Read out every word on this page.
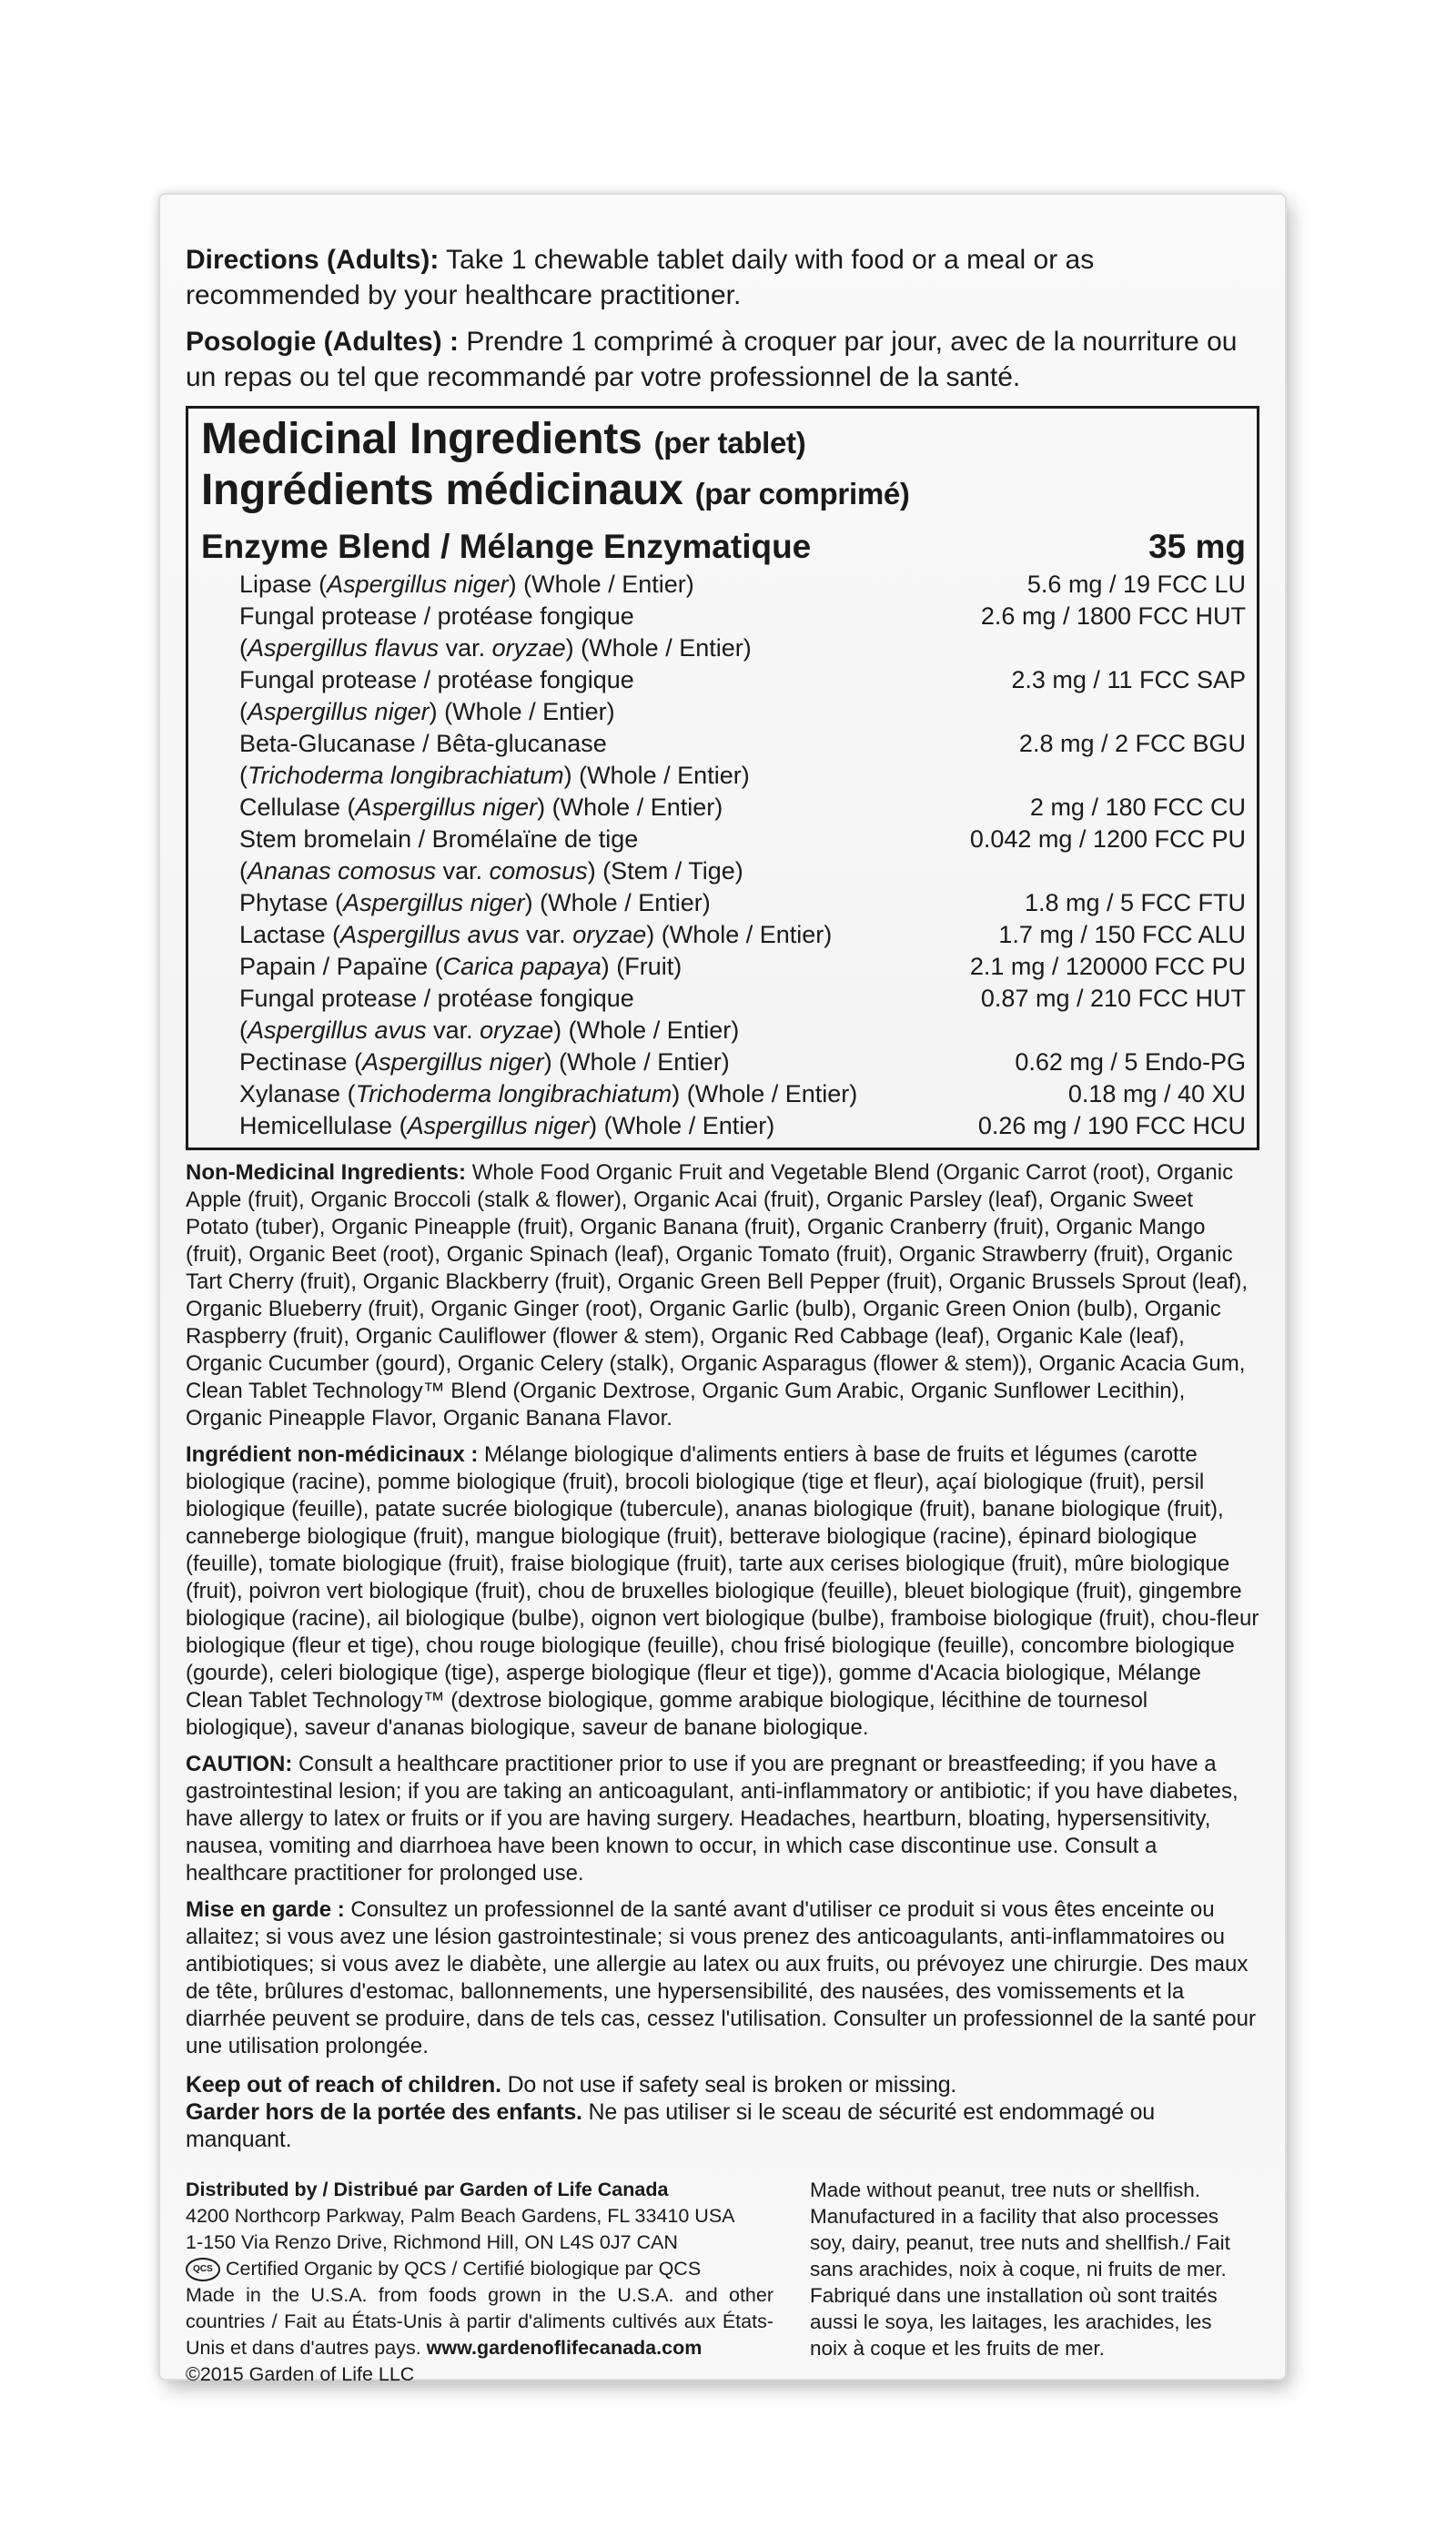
Directions (Adults): Take 1 chewable tablet daily with food or a meal or as recommended by your healthcare practitioner.

Posologie (Adultes) : Prendre 1 comprimé à croquer par jour, avec de la nourriture ou un repas ou tel que recommandé par votre professionnel de la santé.

Medicinal Ingredients (per tablet)
Ingrédients médicinaux (par comprimé)
Enzyme Blend / Mélange Enzymatique	35 mg
Lipase (Aspergillus niger) (Whole / Entier)	5.6 mg / 19 FCC LU
Fungal protease / protéase fongique	2.6 mg / 1800 FCC HUT
(Aspergillus flavus var. oryzae) (Whole / Entier)
Fungal protease / protéase fongique	2.3 mg / 11 FCC SAP
(Aspergillus niger) (Whole / Entier)
Beta-Glucanase / Bêta-glucanase	2.8 mg / 2 FCC BGU
(Trichoderma longibrachiatum) (Whole / Entier)
Cellulase (Aspergillus niger) (Whole / Entier)	2 mg / 180 FCC CU
Stem bromelain / Bromélaïne de tige	0.042 mg / 1200 FCC PU
(Ananas comosus var. comosus) (Stem / Tige)
Phytase (Aspergillus niger) (Whole / Entier)	1.8 mg / 5 FCC FTU
Lactase (Aspergillus avus var. oryzae) (Whole / Entier)	1.7 mg / 150 FCC ALU
Papain / Papaïne (Carica papaya) (Fruit)	2.1 mg / 120000 FCC PU
Fungal protease / protéase fongique	0.87 mg / 210 FCC HUT
(Aspergillus avus var. oryzae) (Whole / Entier)
Pectinase (Aspergillus niger) (Whole / Entier)	0.62 mg / 5 Endo-PG
Xylanase (Trichoderma longibrachiatum) (Whole / Entier)	0.18 mg / 40 XU
Hemicellulase (Aspergillus niger) (Whole / Entier)	0.26 mg / 190 FCC HCU

Non-Medicinal Ingredients: Whole Food Organic Fruit and Vegetable Blend (Organic Carrot (root), Organic Apple (fruit), Organic Broccoli (stalk & flower), Organic Acai (fruit), Organic Parsley (leaf), Organic Sweet Potato (tuber), Organic Pineapple (fruit), Organic Banana (fruit), Organic Cranberry (fruit), Organic Mango (fruit), Organic Beet (root), Organic Spinach (leaf), Organic Tomato (fruit), Organic Strawberry (fruit), Organic Tart Cherry (fruit), Organic Blackberry (fruit), Organic Green Bell Pepper (fruit), Organic Brussels Sprout (leaf), Organic Blueberry (fruit), Organic Ginger (root), Organic Garlic (bulb), Organic Green Onion (bulb), Organic Raspberry (fruit), Organic Cauliflower (flower & stem), Organic Red Cabbage (leaf), Organic Kale (leaf), Organic Cucumber (gourd), Organic Celery (stalk), Organic Asparagus (flower & stem)), Organic Acacia Gum, Clean Tablet Technology™ Blend (Organic Dextrose, Organic Gum Arabic, Organic Sunflower Lecithin), Organic Pineapple Flavor, Organic Banana Flavor.

Ingrédient non-médicinaux : Mélange biologique d'aliments entiers à base de fruits et légumes (carotte biologique (racine), pomme biologique (fruit), brocoli biologique (tige et fleur), açaí biologique (fruit), persil biologique (feuille), patate sucrée biologique (tubercule), ananas biologique (fruit), banane biologique (fruit), canneberge biologique (fruit), mangue biologique (fruit), betterave biologique (racine), épinard biologique (feuille), tomate biologique (fruit), fraise biologique (fruit), tarte aux cerises biologique (fruit), mûre biologique (fruit), poivron vert biologique (fruit), chou de bruxelles biologique (feuille), bleuet biologique (fruit), gingembre biologique (racine), ail biologique (bulbe), oignon vert biologique (bulbe), framboise biologique (fruit), chou-fleur biologique (fleur et tige), chou rouge biologique (feuille), chou frisé biologique (feuille), concombre biologique (gourde), celeri biologique (tige), asperge biologique (fleur et tige)), gomme d'Acacia biologique, Mélange Clean Tablet Technology™ (dextrose biologique, gomme arabique biologique, lécithine de tournesol biologique), saveur d'ananas biologique, saveur de banane biologique.

CAUTION: Consult a healthcare practitioner prior to use if you are pregnant or breastfeeding; if you have a gastrointestinal lesion; if you are taking an anticoagulant, anti-inflammatory or antibiotic; if you have diabetes, have allergy to latex or fruits or if you are having surgery. Headaches, heartburn, bloating, hypersensitivity, nausea, vomiting and diarrhoea have been known to occur, in which case discontinue use. Consult a healthcare practitioner for prolonged use.

Mise en garde : Consultez un professionnel de la santé avant d'utiliser ce produit si vous êtes enceinte ou allaitez; si vous avez une lésion gastrointestinale; si vous prenez des anticoagulants, anti-inflammatoires ou antibiotiques; si vous avez le diabète, une allergie au latex ou aux fruits, ou prévoyez une chirurgie. Des maux de tête, brûlures d'estomac, ballonnements, une hypersensibilité, des nausées, des vomissements et la diarrhée peuvent se produire, dans de tels cas, cessez l'utilisation. Consulter un professionnel de la santé pour une utilisation prolongée.

Keep out of reach of children. Do not use if safety seal is broken or missing.
Garder hors de la portée des enfants. Ne pas utiliser si le sceau de sécurité est endommagé ou manquant.
Distributed by / Distribué par Garden of Life Canada
4200 Northcorp Parkway, Palm Beach Gardens, FL 33410 USA
1-150 Via Renzo Drive, Richmond Hill, ON L4S 0J7 CAN
QCS Certified Organic by QCS / Certifié biologique par QCS
Made in the U.S.A. from foods grown in the U.S.A. and other countries / Fait au États-Unis à partir d'aliments cultivés aux États-Unis et dans d'autres pays. www.gardenoflifecanada.com
©2015 Garden of Life LLC
Made without peanut, tree nuts or shellfish. Manufactured in a facility that also processes soy, dairy, peanut, tree nuts and shellfish./ Fait sans arachides, noix à coque, ni fruits de mer. Fabriqué dans une installation où sont traités aussi le soya, les laitages, les arachides, les noix à coque et les fruits de mer.
